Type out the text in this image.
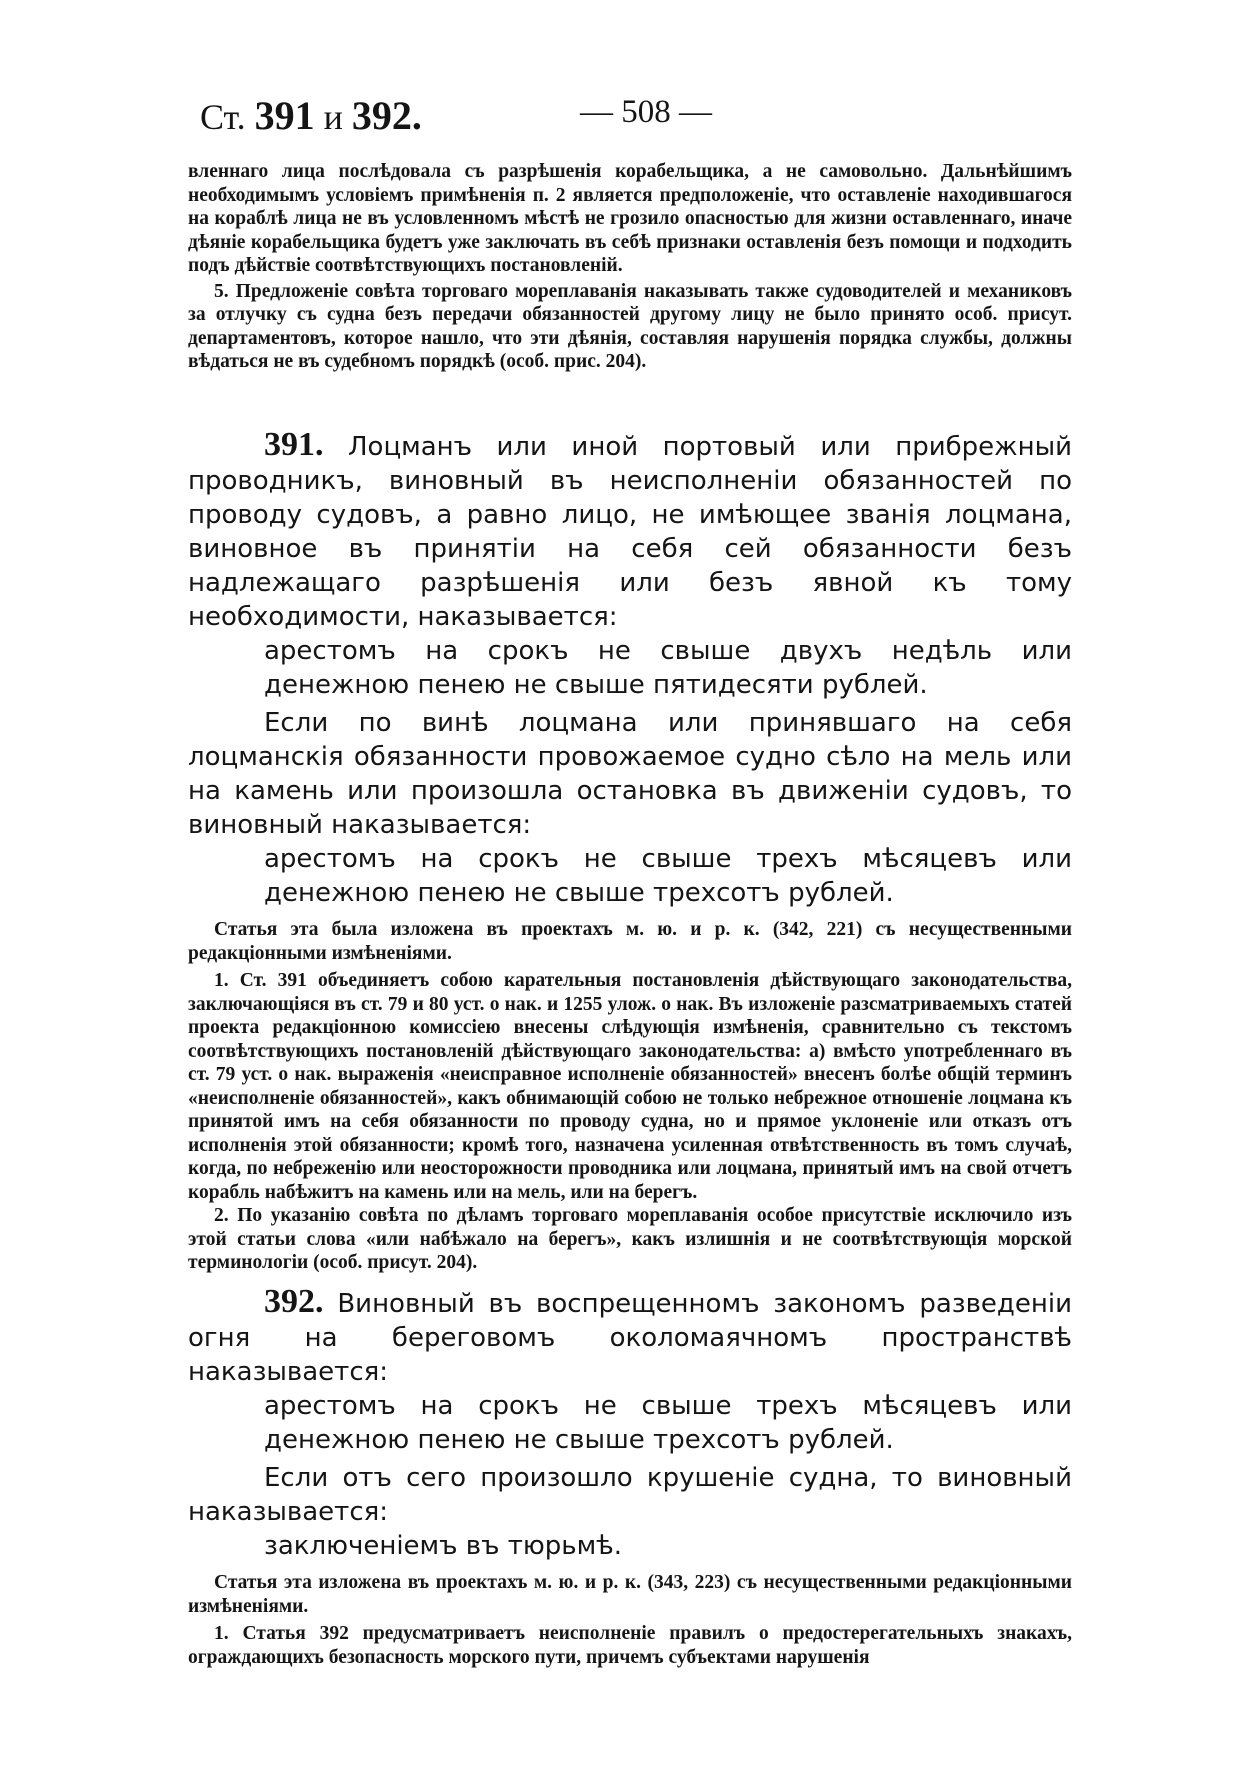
Ст. 391 и 392.	— 508 —

вленнаго лица послѣдовала съ разрѣшенія корабельщика, а не самовольно. Дальнѣйшимъ необходимымъ условіемъ примѣненія п. 2 является предположеніе, что оставленіе находившагося на кораблѣ лица не въ условленномъ мѣстѣ не грозило опасностью для жизни оставленнаго, иначе дѣяніе корабельщика будетъ уже заключать въ себѣ признаки оставленія безъ помощи и подходить подъ дѣйствіе соотвѣтствующихъ постановленій.

5. Предложеніе совѣта торговаго мореплаванія наказывать также судоводителей и механиковъ за отлучку съ судна безъ передачи обязанностей другому лицу не было принято особ. присут. департаментовъ, которое нашло, что эти дѣянія, составляя нарушенія порядка службы, должны вѣдаться не въ судебномъ порядкѣ (особ. прис. 204).

391. Лоцманъ или иной портовый или прибрежный проводникъ, виновный въ неисполненіи обязанностей по проводу судовъ, а равно лицо, не имѣющее званія лоцмана, виновное въ принятіи на себя сей обязанности безъ надлежащаго разрѣшенія или безъ явной къ тому необходимости, наказывается:

арестомъ на срокъ не свыше двухъ недѣль или денежною пенею не свыше пятидесяти рублей.

Если по винѣ лоцмана или принявшаго на себя лоцманскія обязанности провожаемое судно сѣло на мель или на камень или произошла остановка въ движеніи судовъ, то виновный наказывается:

арестомъ на срокъ не свыше трехъ мѣсяцевъ или денежною пенею не свыше трехсотъ рублей.

Статья эта была изложена въ проектахъ м. ю. и р. к. (342, 221) съ несущественными редакціонными измѣненіями.

1. Ст. 391 объединяетъ собою карательныя постановленія дѣйствующаго законодательства, заключающіяся въ ст. 79 и 80 уст. о нак. и 1255 улож. о нак. Въ изложеніе разсматриваемыхъ статей проекта редакціонною комиссіею внесены слѣдующія измѣненія, сравнительно съ текстомъ соотвѣтствующихъ постановленій дѣйствующаго законодательства: а) вмѣсто употребленнаго въ ст. 79 уст. о нак. выраженія «неисправное исполненіе обязанностей» внесенъ болѣе общій терминъ «неисполненіе обязанностей», какъ обнимающій собою не только небрежное отношеніе лоцмана къ принятой имъ на себя обязанности по проводу судна, но и прямое уклоненіе или отказъ отъ исполненія этой обязанности; кромѣ того, назначена усиленная отвѣтственность въ томъ случаѣ, когда, по небреженію или неосторожности проводника или лоцмана, принятый имъ на свой отчетъ корабль набѣжитъ на камень или на мель, или на берегъ.

2. По указанію совѣта по дѣламъ торговаго мореплаванія особое присутствіе исключило изъ этой статьи слова «или набѣжало на берегъ», какъ излишнія и не соотвѣтствующія морской терминологіи (особ. присут. 204).

392. Виновный въ воспрещенномъ закономъ разведеніи огня на береговомъ околомаячномъ пространствѣ наказывается:

арестомъ на срокъ не свыше трехъ мѣсяцевъ или денежною пенею не свыше трехсотъ рублей.

Если отъ сего произошло крушеніе судна, то виновный наказывается:

заключеніемъ въ тюрьмѣ.

Статья эта изложена въ проектахъ м. ю. и р. к. (343, 223) съ несущественными редакціонными измѣненіями.

1. Статья 392 предусматриваетъ неисполненіе правилъ о предостерегательныхъ знакахъ, ограждающихъ безопасность морского пути, причемъ субъектами нарушенія
